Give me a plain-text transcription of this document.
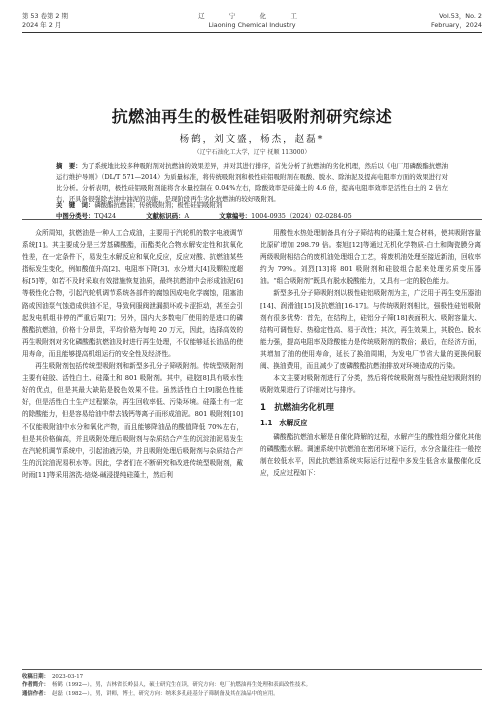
第 53 卷第 2 期
2024 年 2 月
辽　宁　化　工
Liaoning Chemical Industry
Vol.53，No. 2
February，2024
抗燃油再生的极性硅铝吸附剂研究综述
杨鹤，刘文盛，杨杰，赵磊*
（辽宁石油化工大学，辽宁 抚顺 113000）
摘　要：为了系统地比较多种吸附剂对抗燃油的效果差异，并对其进行排序，首先分析了抗燃油的劣化机理，然后以《电厂用磷酸酯抗燃油运行维护导则》（DL/T 571—2014）为质量标准，将传统吸附剂和极性硅铝吸附剂在吸酸、脱水、除油泥及提高电阻率方面的效果进行对比分析。分析表明，极性硅铝吸附剂能将含水量控制在 0.04%左右，除酸效率是硅藻土的 4.6 倍，提高电阻率效率是活性白土的 2 倍左右，还具备很强除去油中油泥的功能，是现阶段再生劣化抗燃油的较好吸附剂。
关　键　词：磷酸酯抗燃油；传统吸附剂；极性硅铝吸附剂
中图分类号：TQ424	文献标识码：A	文章编号：1004-0935（2024）02-0284-05

众所周知，抗燃油是一种人工合成油，主要用于汽轮机的数字电液调节系统[1]。其主要成分是三芳基磷酸酯，而酯类化合物水解安定性和抗氧化性差，在一定条件下，易发生水解反应和氧化反应，反应对酸、抗燃油某些指标发生变化，例如酸值升高[2]、电阻率下降[3]、水分增大[4]及颗粒度超标[5]等，如若不及时采取有效措施恢复油质，最终抗燃油中会形成油泥[6]等极性化合物，引起汽轮机调节系统各部件的腐蚀因成电化学腐蚀，阻塞油路或因油泵气蚀造成供油不足，导致伺服阀泄漏损坏或卡涩拒动，甚至会引起发电机组非停的严重后果[7]；另外，国内大多数电厂使用的是进口的磷酸酯抗燃油，价格十分昂贵，平均价格为每吨 20 万元，因此，选择高效的再生吸附剂对劣化磷酸酯抗燃油及时进行再生处理，不仅能够延长油品的使用寿命，而且能够提高机组运行的安全性及经济性。

再生吸附剂包括传统型吸附剂和新型多孔分子筛吸附剂。传统型吸附剂主要有硅胶、活性白土、硅藻土和 801 吸附剂。其中，硅胶[8]具有吸水性好的优点，但是其最大缺陷是脱色效果不佳。虽然活性白土[9]脱色性能好，但是活性白土生产过程繁杂，再生回收率低、污染环境。硅藻土有一定的除酸能力，但是容易给油中带去钱钙等离子而形成油泥。801 吸附剂[10]不仅能吸附油中水分和氧化产物，而且能够降油品的酸值降低 70%左右，但是其价格偏高，并且吸附处理后吸附剂与杂质结合产生的沉淀油泥易发生在汽轮机调节系统中，引起油液污染，并且吸附处理后吸附剂与杂质结合产生的沉淀油泥易积水等。因此，学者们在不断研究和改进传统型吸附剂，戴时雨[11]等采用溶洗-焙烧-碱浸提纯硅藻土，然后利

用酸性水热处理制备具有分子筛结构的硅藻土复合材料，使其吸附容量比原矿增加 298.79 倍。秦旭[12]等通过无机化学物质-白土和陶瓷膜分离两级吸附相结合的废机油处理组合工艺，将废机油处理至接近新油，回收率约为 79%。刘烈[13]将 801 吸附剂和硅胶组合起来处理劣质变压器油。“组合吸附剂”既具有脱水脱酸能力，又具有一定的脱色能力。

新型多孔分子筛吸附剂以极性硅铝吸附剂为主，广泛用于再生变压器油[14]、润滑油[15]及抗燃油[16-17]。与传统吸附剂相比，强极性硅铝吸附剂有很多优势：首先，在结构上，硅铝分子筛[18]表面积大、吸附容量大、结构可调性好、热稳定性高、易于改性；其次，再生效果上，其脱色、脱水能力强，提高电阻率及除酸能力是传统吸附剂的数倍；最后，在经济方面，其增加了油的使用寿命，延长了换油周期，为发电厂节省大量的更换伺服阀、换油费用，而且减少了废磷酸酯抗燃油排放对环境造成的污染。

本文主要对吸附剂进行了分类，然后将传统吸附剂与极性硅铝吸附剂的吸附效果进行了详细对比与排序。

1　抗燃油劣化机理
1.1　水解反应

磷酸酯抗燃油水解是自催化降解的过程，水解产生的酸性组分催化其他的磷酸酯水解。调速系统中抗燃油在密闭环境下运行，水分含量往往一般控制在较低水平，因此抗燃油系统实际运行过程中多发生低含水量酸催化反应，反应过程如下：

收稿日期： 2023-03-17
作者简介： 杨鹤（1992—），男，吉林省长岭县人，硕士研究生在读，研究方向：电厂抗燃油再生处理和表面改性技术。
通信作者： 赵磊（1982—），男，讲师，博士，研究方向：纳米多孔硅基分子筛制备及其在油品中的应用。
